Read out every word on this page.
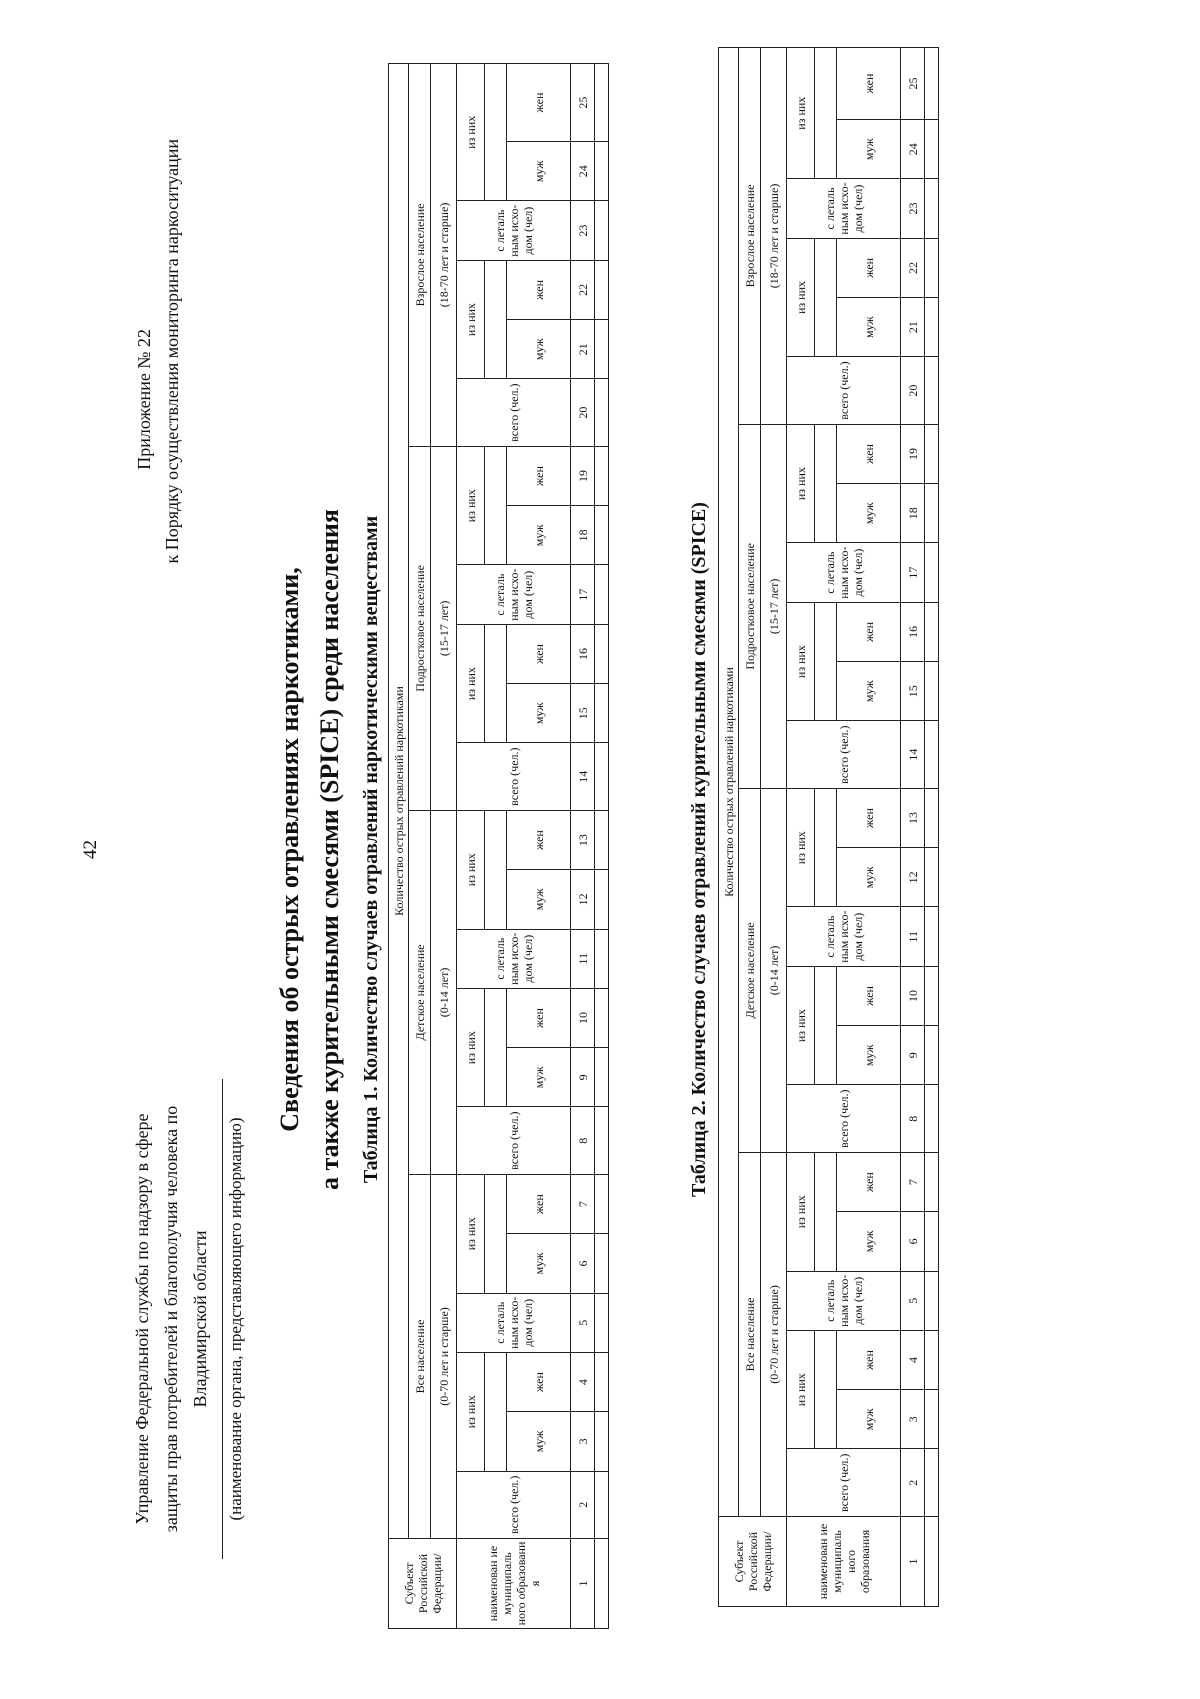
42
Управление Федеральной службы по надзору в сфере защиты прав потребителей и благополучия человека по Владимирской области (наименование органа, представляющего информацию)
Приложение № 22 к Порядку осуществления мониторинга наркоситуации
Сведения об острых отравлениях наркотиками, а также курительными смесями (SPICE) среди населения Таблица 1. Количество случаев отравлений наркотическими веществами
Субъект Российской Федерации/	Количество острых отравлений наркотиками																							
	Все население						Детское население						Подростковое население						Взрослое население					
	(0-70 лет и старше)						(0-14 лет)						(15-17 лет)						(18-70 лет и старше)					
наименован ие муниципаль ного образовани я	всего (чел.)	из них		с леталь ным исхо- дом (чел)	из них		всего (чел.)	из них		с леталь ным исхо- дом (чел)	из них		всего (чел.)	из них		с леталь ным исхо- дом (чел)	из них		всего (чел.)	из них		с леталь ным исхо- дом (чел)	из них	

		муж	жен		муж	жен		муж	жен		муж	жен		муж	жен		муж	жен		муж	жен		муж	жен
1	2	3	4	5	6	7	8	9	10	11	12	13	14	15	16	17	18	19	20	21	22	23	24	25

Таблица 2. Количество случаев отравлений курительными смесями (SPICE)
Субъект Российской Федерации/	Количество острых отравлений наркотиками																							
	Все население						Детское население						Подростковое население						Взрослое население					
	(0-70 лет и старше)						(0-14 лет)						(15-17 лет)						(18-70 лет и старше)					
наименован ие муниципаль ного образования	всего (чел.)	из них		с леталь ным исхо- дом (чел)	из них		всего (чел.)	из них		с леталь ным исхо- дом (чел)	из них		всего (чел.)	из них		с леталь ным исхо- дом (чел)	из них		всего (чел.)	из них		с леталь ным исхо- дом (чел)	из них	

		муж	жен		муж	жен		муж	жен		муж	жен		муж	жен		муж	жен		муж	жен		муж	жен
1	2	3	4	5	6	7	8	9	10	11	12	13	14	15	16	17	18	19	20	21	22	23	24	25
